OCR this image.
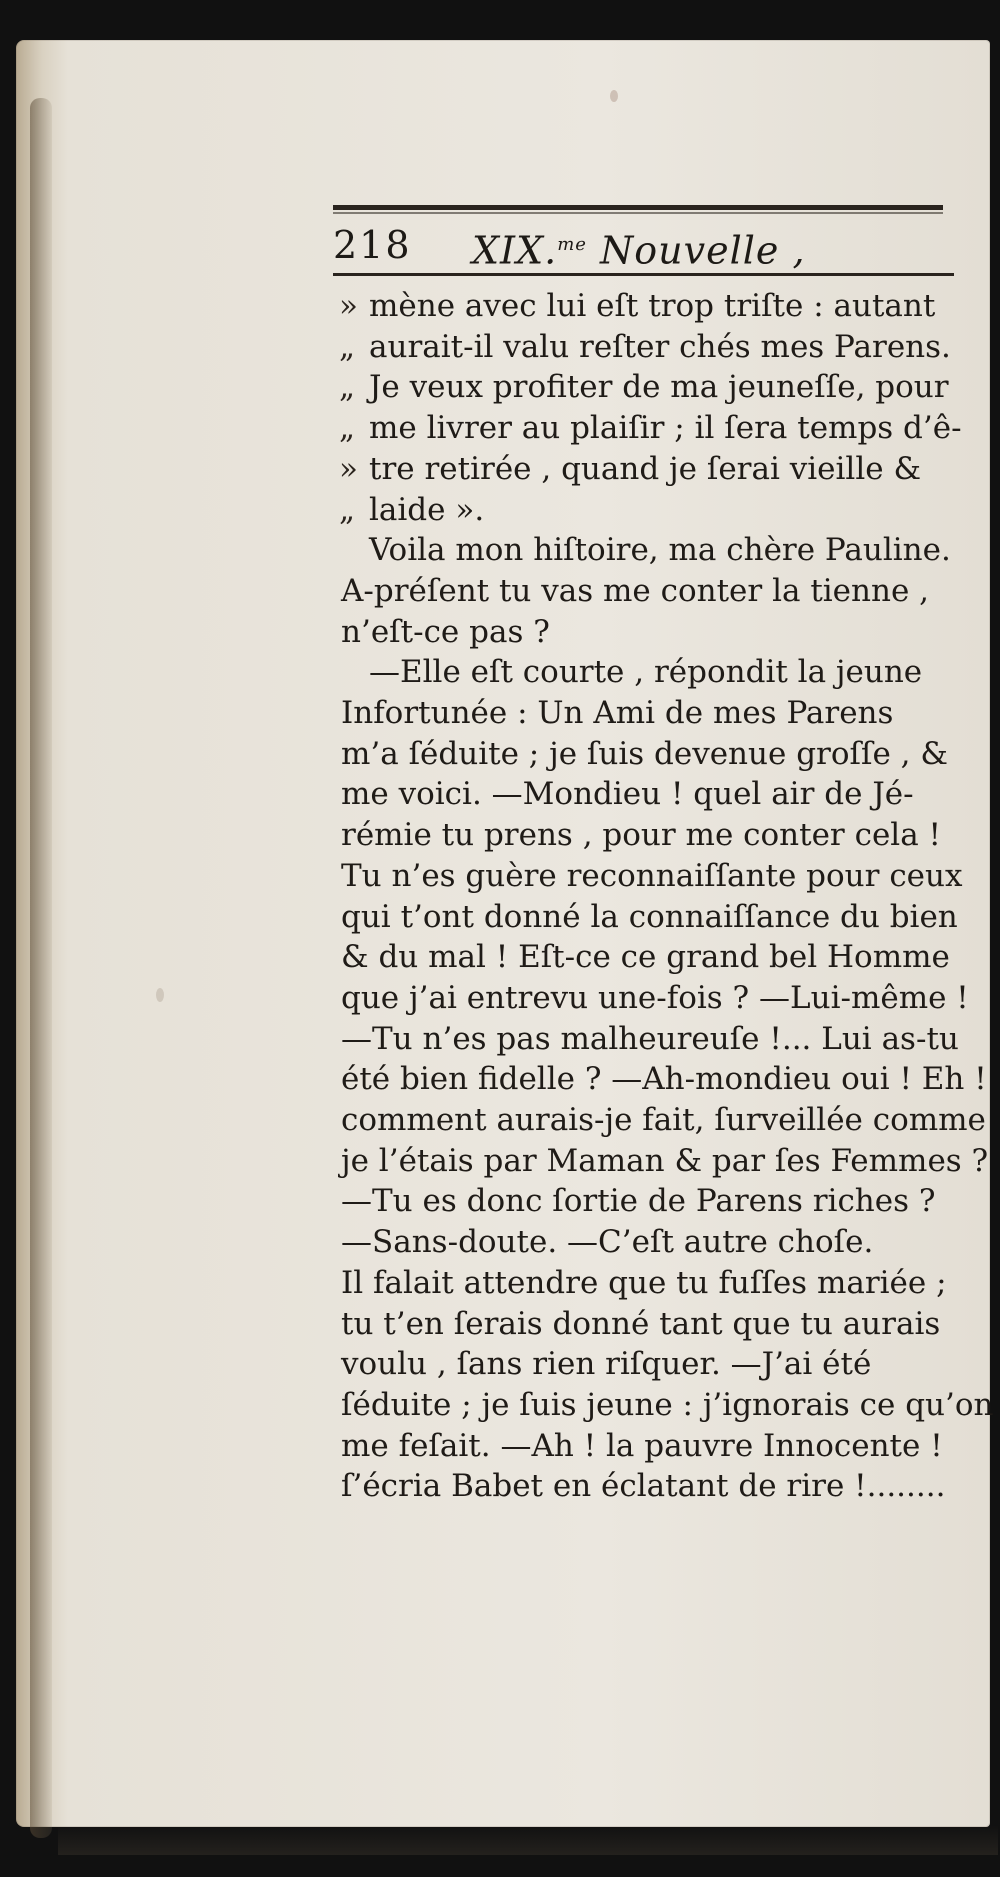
218 XIX.$^{me}$ Nouvelle ,
» mène avec lui eſt trop triſte : autant
„ aurait-il valu reſter chés mes Parens.
„ Je veux profiter de ma jeuneſſe, pour
„ me livrer au plaiſir ; il ſera temps d’ê-
» tre retirée , quand je ſerai vieille &
„ laide ».
Voila mon hiſtoire, ma chère Pauline.
A-préſent tu vas me conter la tienne ,
n’eſt-ce pas ?
—Elle eſt courte , répondit la jeune
Infortunée : Un Ami de mes Parens
m’a ſéduite ; je ſuis devenue groſſe , &
me voici. —Mondieu ! quel air de Jé-
rémie tu prens , pour me conter cela !
Tu n’es guère reconnaiſſante pour ceux
qui t’ont donné la connaiſſance du bien
& du mal ! Eſt-ce ce grand bel Homme
que j’ai entrevu une-fois ? —Lui-même !
—Tu n’es pas malheureuſe !... Lui as-tu
été bien fidelle ? —Ah-mondieu oui ! Eh !
comment aurais-je fait, ſurveillée comme
je l’étais par Maman & par ſes Femmes ?
—Tu es donc ſortie de Parens riches ?
—Sans-doute. —C’eſt autre choſe.
Il falait attendre que tu fuſſes mariée ;
tu t’en ſerais donné tant que tu aurais
voulu , ſans rien riſquer. —J’ai été
ſéduite ; je ſuis jeune : j’ignorais ce qu’on
me feſait. —Ah ! la pauvre Innocente !
ſ’écria Babet en éclatant de rire !........
